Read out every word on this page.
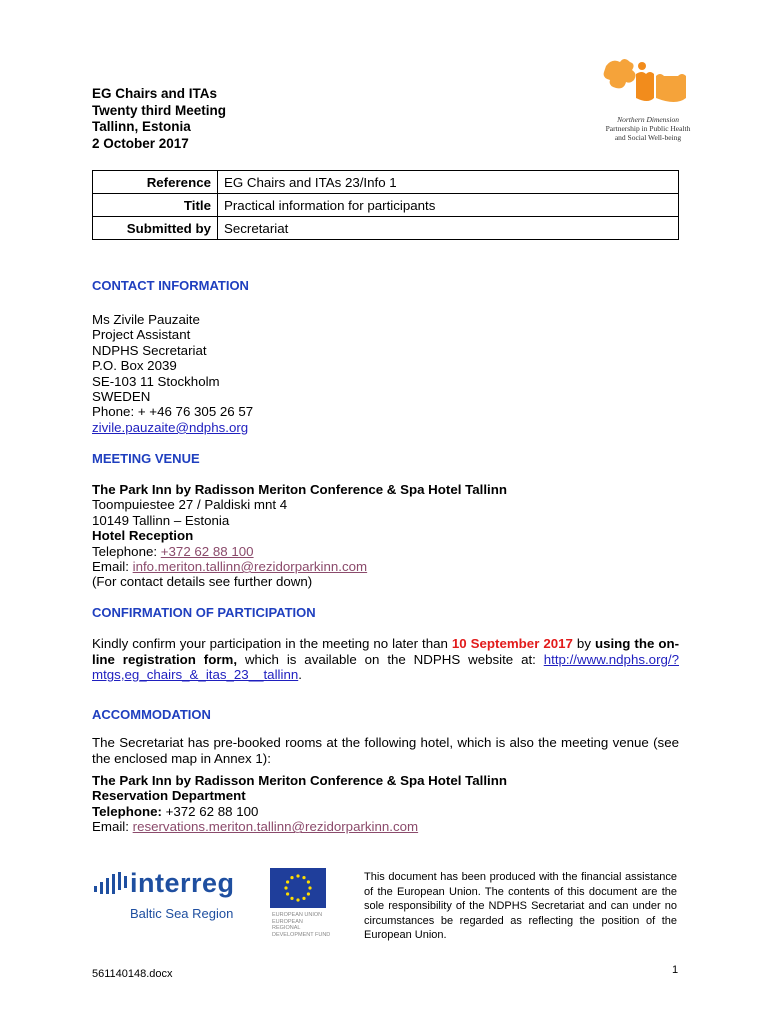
EG Chairs and ITAs
Twenty third Meeting
Tallinn, Estonia
2 October 2017
Northern Dimension
Partnership in Public Health
and Social Well-being
Reference	EG Chairs and ITAs 23/Info 1
Title	Practical information for participants
Submitted by	Secretariat
CONTACT INFORMATION
Ms Zivile Pauzaite
Project Assistant
NDPHS Secretariat
P.O. Box 2039
SE-103 11 Stockholm
SWEDEN
Phone: + +46 76 305 26 57
zivile.pauzaite@ndphs.org
MEETING VENUE
The Park Inn by Radisson Meriton Conference & Spa Hotel Tallinn
Toompuiestee 27 / Paldiski mnt 4
10149 Tallinn – Estonia
Hotel Reception
Telephone: +372 62 88 100
Email: info.meriton.tallinn@rezidorparkinn.com
(For contact details see further down)
CONFIRMATION OF PARTICIPATION
Kindly confirm your participation in the meeting no later than 10 September 2017 by using the on-line registration form, which is available on the NDPHS website at: http://www.ndphs.org/?mtgs,eg_chairs_&_itas_23__tallinn.
ACCOMMODATION
The Secretariat has pre-booked rooms at the following hotel, which is also the meeting venue (see the enclosed map in Annex 1):
The Park Inn by Radisson Meriton Conference & Spa Hotel Tallinn
Reservation Department
Telephone: +372 62 88 100
Email: reservations.meriton.tallinn@rezidorparkinn.com
interreg
Baltic Sea Region	EUROPEAN UNION
EUROPEAN REGIONAL DEVELOPMENT FUND
This document has been produced with the financial assistance of the European Union. The contents of this document are the sole responsibility of the NDPHS Secretariat and can under no circumstances be regarded as reflecting the position of the European Union.
561140148.docx	1
